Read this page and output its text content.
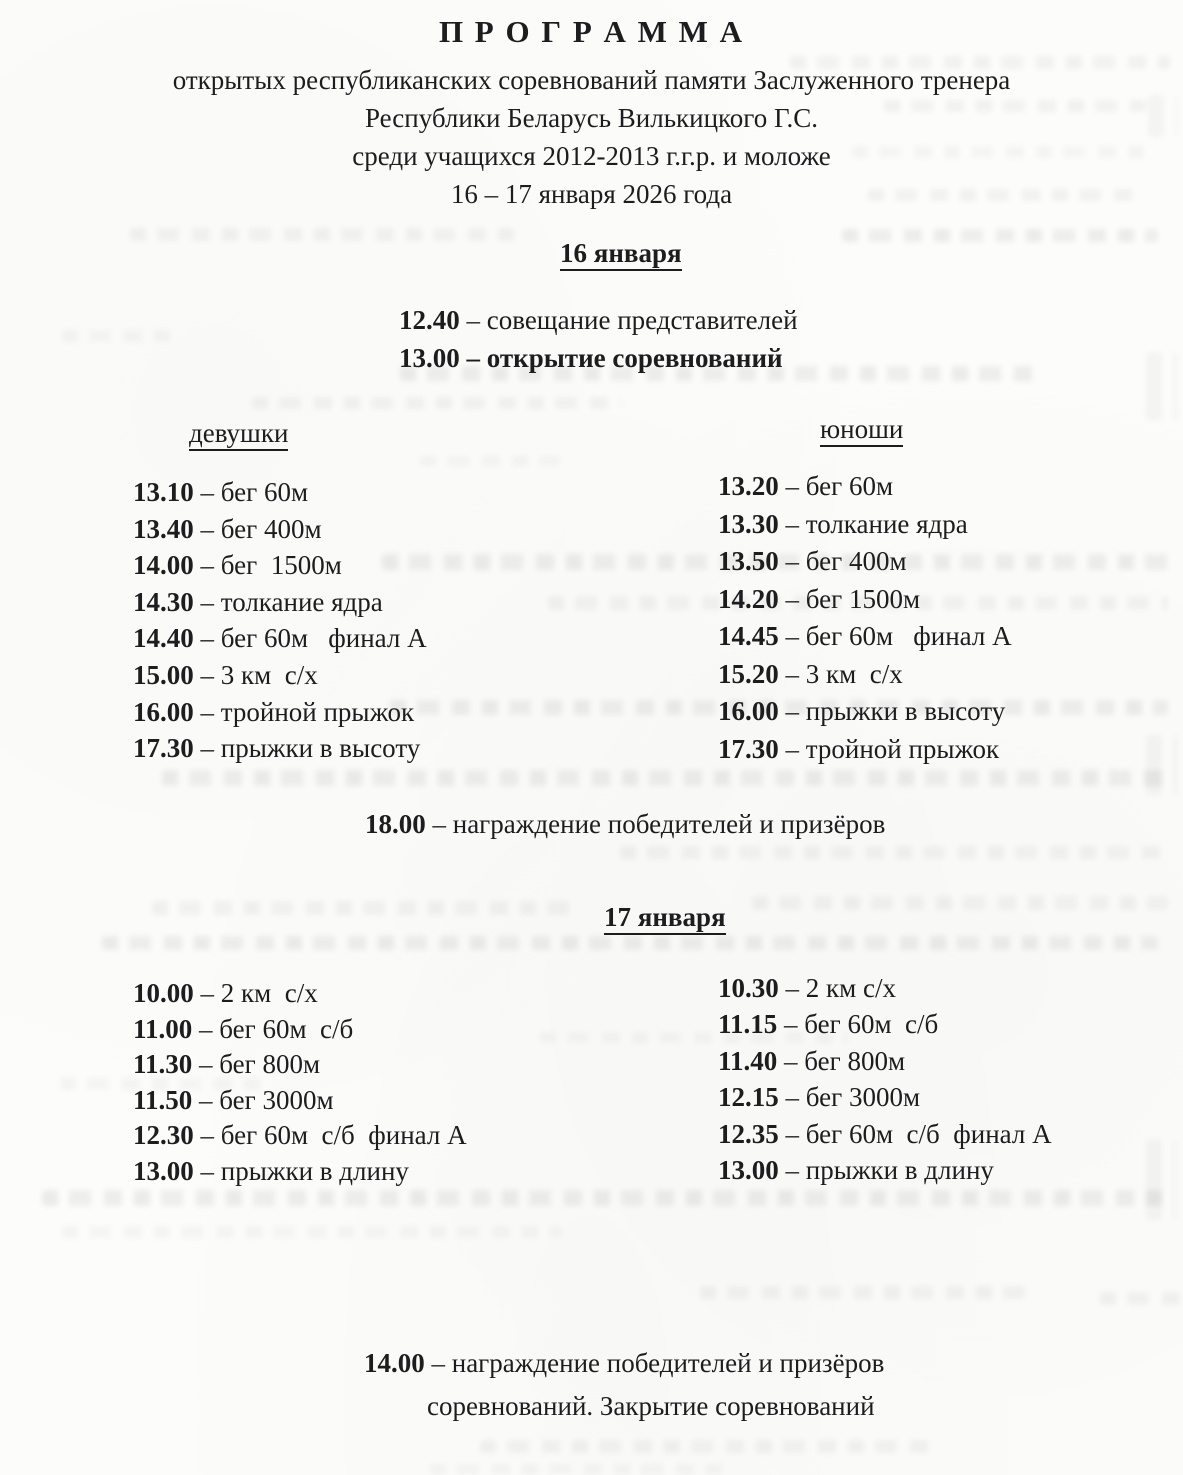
П Р О Г Р А М М А
открытых республиканских соревнований памяти Заслуженного тренера
Республики Беларусь Вилькицкого Г.С.
среди учащихся 2012-2013 г.г.р. и моложе
16 – 17 января 2026 года
16 января
12.40 – совещание представителей
13.00 – открытие соревнований
девушки	юноши
13.10 – бег 60м
13.40 – бег 400м
14.00 – бег  1500м
14.30 – толкание ядра
14.40 – бег 60м   финал А
15.00 – 3 км  с/х
16.00 – тройной прыжок
17.30 – прыжки в высоту
13.20 – бег 60м
13.30 – толкание ядра
13.50 – бег 400м
14.20 – бег 1500м
14.45 – бег 60м   финал А
15.20 – 3 км  с/х
16.00 – прыжки в высоту
17.30 – тройной прыжок
18.00 – награждение победителей и призёров
17 января
10.00 – 2 км  с/х
11.00 – бег 60м  с/б
11.30 – бег 800м
11.50 – бег 3000м
12.30 – бег 60м  с/б  финал А
13.00 – прыжки в длину
10.30 – 2 км с/х
11.15 – бег 60м  с/б
11.40 – бег 800м
12.15 – бег 3000м
12.35 – бег 60м  с/б  финал А
13.00 – прыжки в длину
14.00 – награждение победителей и призёров
соревнований. Закрытие соревнований
